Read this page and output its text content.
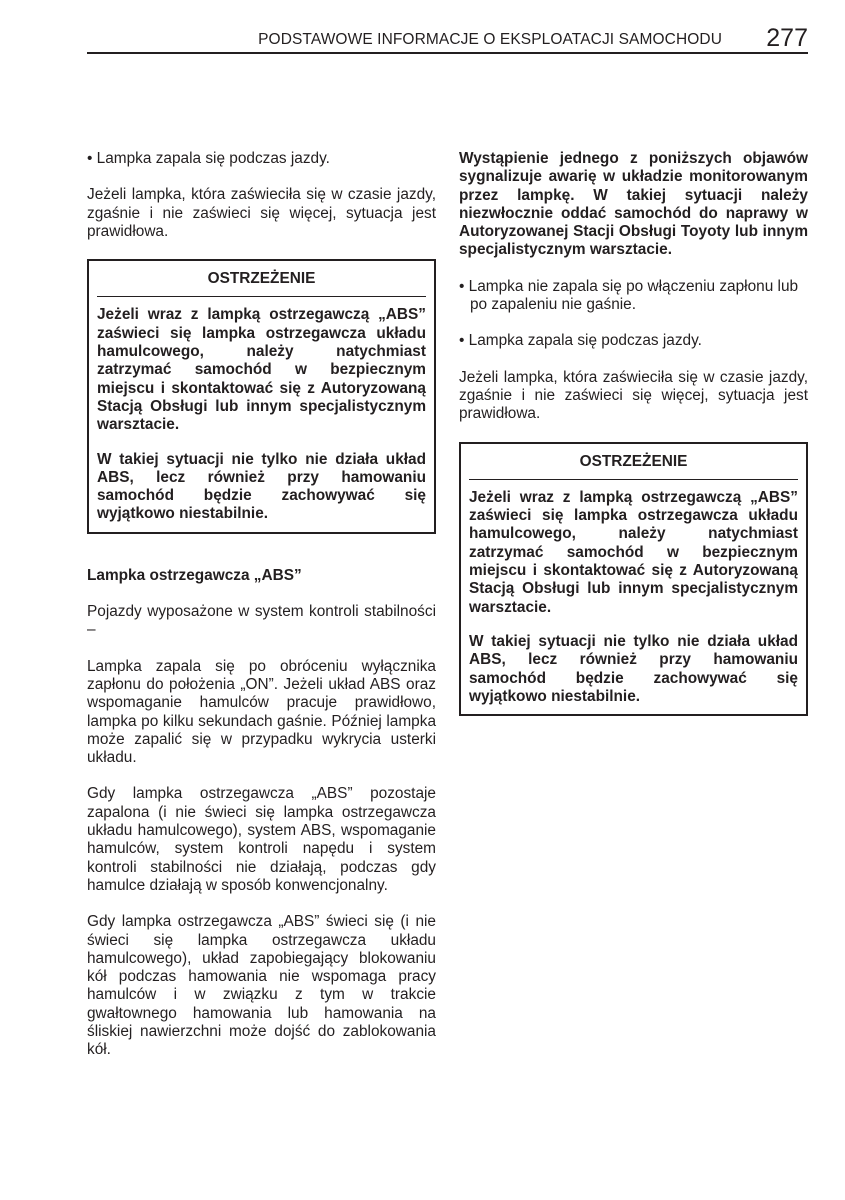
PODSTAWOWE INFORMACJE O EKSPLOATACJI SAMOCHODU 277

• Lampka zapala się podczas jazdy.

Jeżeli lampka, która zaświeciła się w czasie jazdy, zgaśnie i nie zaświeci się więcej, sytuacja jest prawidłowa.

OSTRZEŻENIE

Jeżeli wraz z lampką ostrzegawczą „ABS” zaświeci się lampka ostrzegawcza układu hamulcowego, należy natychmiast zatrzymać samochód w bezpiecznym miejscu i skontaktować się z Autoryzowaną Stacją Obsługi lub innym specjalistycznym warsztacie.

W takiej sytuacji nie tylko nie działa układ ABS, lecz również przy hamowaniu samochód będzie zachowywać się wyjątkowo niestabilnie.

Lampka ostrzegawcza „ABS”

Pojazdy wyposażone w system kontroli stabilności –

Lampka zapala się po obróceniu wyłącznika zapłonu do położenia „ON”. Jeżeli układ ABS oraz wspomaganie hamulców pracuje prawidłowo, lampka po kilku sekundach gaśnie. Później lampka może zapalić się w przypadku wykrycia usterki układu.

Gdy lampka ostrzegawcza „ABS” pozostaje zapalona (i nie świeci się lampka ostrzegawcza układu hamulcowego), system ABS, wspomaganie hamulców, system kontroli napędu i system kontroli stabilności nie działają, podczas gdy hamulce działają w sposób konwencjonalny.

Gdy lampka ostrzegawcza „ABS” świeci się (i nie świeci się lampka ostrzegawcza układu hamulcowego), układ zapobiegający blokowaniu kół podczas hamowania nie wspomaga pracy hamulców i w związku z tym w trakcie gwałtownego hamowania lub hamowania na śliskiej nawierzchni może dojść do zablokowania kół.

Wystąpienie jednego z poniższych objawów sygnalizuje awarię w układzie monitorowanym przez lampkę. W takiej sytuacji należy niezwłocznie oddać samochód do naprawy w Autoryzowanej Stacji Obsługi Toyoty lub innym specjalistycznym warsztacie.

• Lampka nie zapala się po włączeniu zapłonu lub po zapaleniu nie gaśnie.

• Lampka zapala się podczas jazdy.

Jeżeli lampka, która zaświeciła się w czasie jazdy, zgaśnie i nie zaświeci się więcej, sytuacja jest prawidłowa.

OSTRZEŻENIE

Jeżeli wraz z lampką ostrzegawczą „ABS” zaświeci się lampka ostrzegawcza układu hamulcowego, należy natychmiast zatrzymać samochód w bezpiecznym miejscu i skontaktować się z Autoryzowaną Stacją Obsługi lub innym specjalistycznym warsztacie.

W takiej sytuacji nie tylko nie działa układ ABS, lecz również przy hamowaniu samochód będzie zachowywać się wyjątkowo niestabilnie.
